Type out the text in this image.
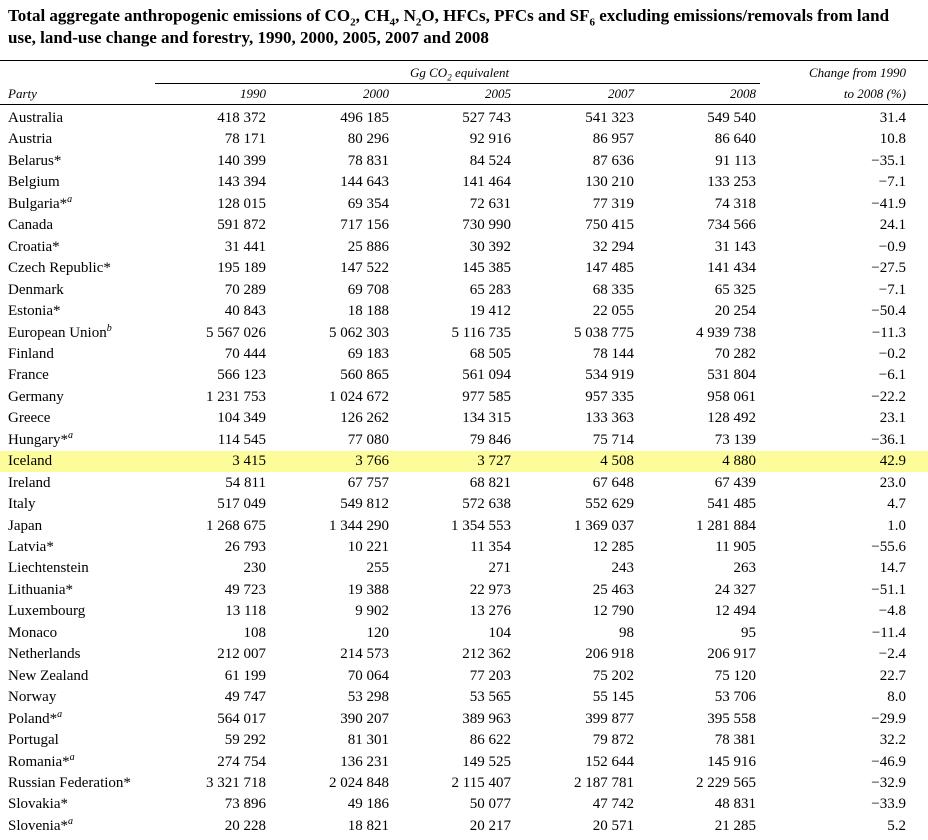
Total aggregate anthropogenic emissions of $CO_2$, $CH_4$, $N_2O$, HFCs, PFCs and $SF_6$ excluding emissions/removals from land use, land-use change and forestry, 1990, 2000, 2005, 2007 and 2008
Gg $CO_2$ equivalent	Change from 1990
to 2008 (%)
Party	1990	2000	2005	2007	2008
Australia	418 372	496 185	527 743	541 323	549 540	31.4
Austria	78 171	80 296	92 916	86 957	86 640	10.8
Belarus*	140 399	78 831	84 524	87 636	91 113	−35.1
Belgium	143 394	144 643	141 464	130 210	133 253	−7.1
Bulgaria*$^a$	128 015	69 354	72 631	77 319	74 318	−41.9
Canada	591 872	717 156	730 990	750 415	734 566	24.1
Croatia*	31 441	25 886	30 392	32 294	31 143	−0.9
Czech Republic*	195 189	147 522	145 385	147 485	141 434	−27.5
Denmark	70 289	69 708	65 283	68 335	65 325	−7.1
Estonia*	40 843	18 188	19 412	22 055	20 254	−50.4
European Union$^b$	5 567 026	5 062 303	5 116 735	5 038 775	4 939 738	−11.3
Finland	70 444	69 183	68 505	78 144	70 282	−0.2
France	566 123	560 865	561 094	534 919	531 804	−6.1
Germany	1 231 753	1 024 672	977 585	957 335	958 061	−22.2
Greece	104 349	126 262	134 315	133 363	128 492	23.1
Hungary*$^a$	114 545	77 080	79 846	75 714	73 139	−36.1
Iceland	3 415	3 766	3 727	4 508	4 880	42.9
Ireland	54 811	67 757	68 821	67 648	67 439	23.0
Italy	517 049	549 812	572 638	552 629	541 485	4.7
Japan	1 268 675	1 344 290	1 354 553	1 369 037	1 281 884	1.0
Latvia*	26 793	10 221	11 354	12 285	11 905	−55.6
Liechtenstein	230	255	271	243	263	14.7
Lithuania*	49 723	19 388	22 973	25 463	24 327	−51.1
Luxembourg	13 118	9 902	13 276	12 790	12 494	−4.8
Monaco	108	120	104	98	95	−11.4
Netherlands	212 007	214 573	212 362	206 918	206 917	−2.4
New Zealand	61 199	70 064	77 203	75 202	75 120	22.7
Norway	49 747	53 298	53 565	55 145	53 706	8.0
Poland*$^a$	564 017	390 207	389 963	399 877	395 558	−29.9
Portugal	59 292	81 301	86 622	79 872	78 381	32.2
Romania*$^a$	274 754	136 231	149 525	152 644	145 916	−46.9
Russian Federation*	3 321 718	2 024 848	2 115 407	2 187 781	2 229 565	−32.9
Slovakia*	73 896	49 186	50 077	47 742	48 831	−33.9
Slovenia*$^a$	20 228	18 821	20 217	20 571	21 285	5.2
